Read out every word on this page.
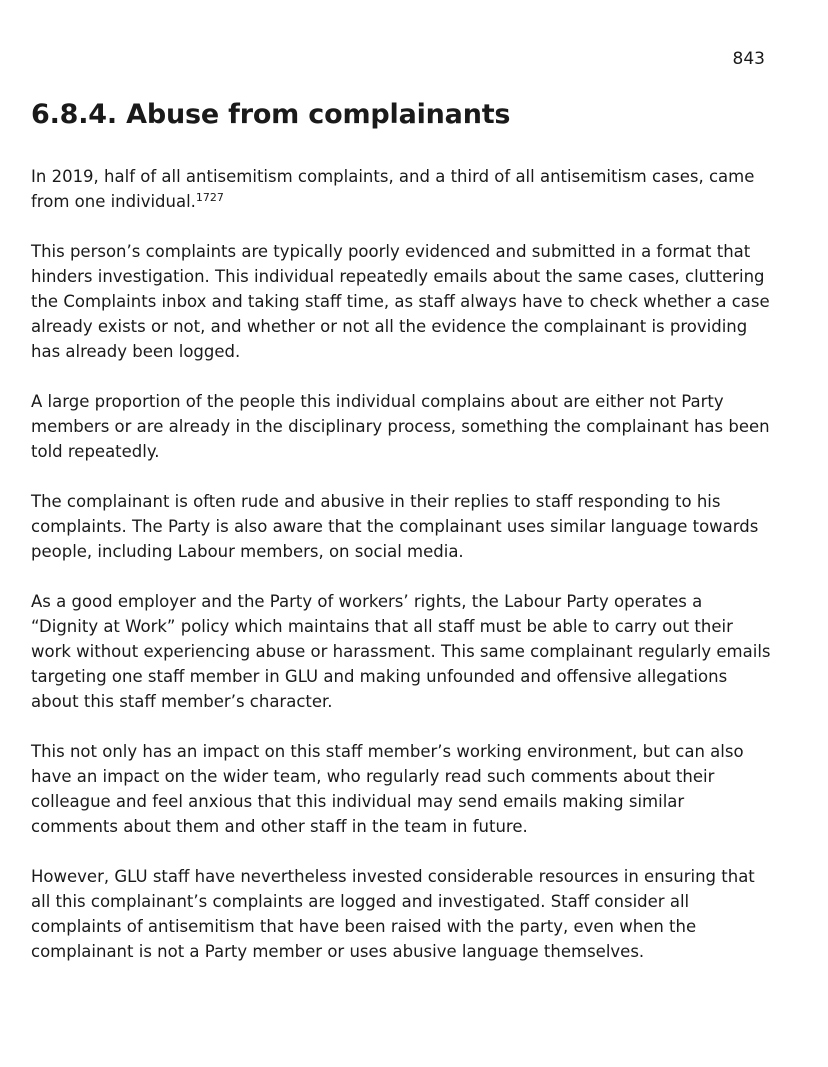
843
6.8.4. Abuse from complainants

In 2019, half of all antisemitism complaints, and a third of all antisemitism cases, came from one individual.$^{1727}$

This person’s complaints are typically poorly evidenced and submitted in a format that hinders investigation. This individual repeatedly emails about the same cases, cluttering the Complaints inbox and taking staff time, as staff always have to check whether a case already exists or not, and whether or not all the evidence the complainant is providing has already been logged.

A large proportion of the people this individual complains about are either not Party members or are already in the disciplinary process, something the complainant has been told repeatedly.

The complainant is often rude and abusive in their replies to staff responding to his complaints. The Party is also aware that the complainant uses similar language towards people, including Labour members, on social media.

As a good employer and the Party of workers’ rights, the Labour Party operates a “Dignity at Work” policy which maintains that all staff must be able to carry out their work without experiencing abuse or harassment. This same complainant regularly emails targeting one staff member in GLU and making unfounded and offensive allegations about this staff member’s character.

This not only has an impact on this staff member’s working environment, but can also have an impact on the wider team, who regularly read such comments about their colleague and feel anxious that this individual may send emails making similar comments about them and other staff in the team in future.

However, GLU staff have nevertheless invested considerable resources in ensuring that all this complainant’s complaints are logged and investigated. Staff consider all complaints of antisemitism that have been raised with the party, even when the complainant is not a Party member or uses abusive language themselves.
